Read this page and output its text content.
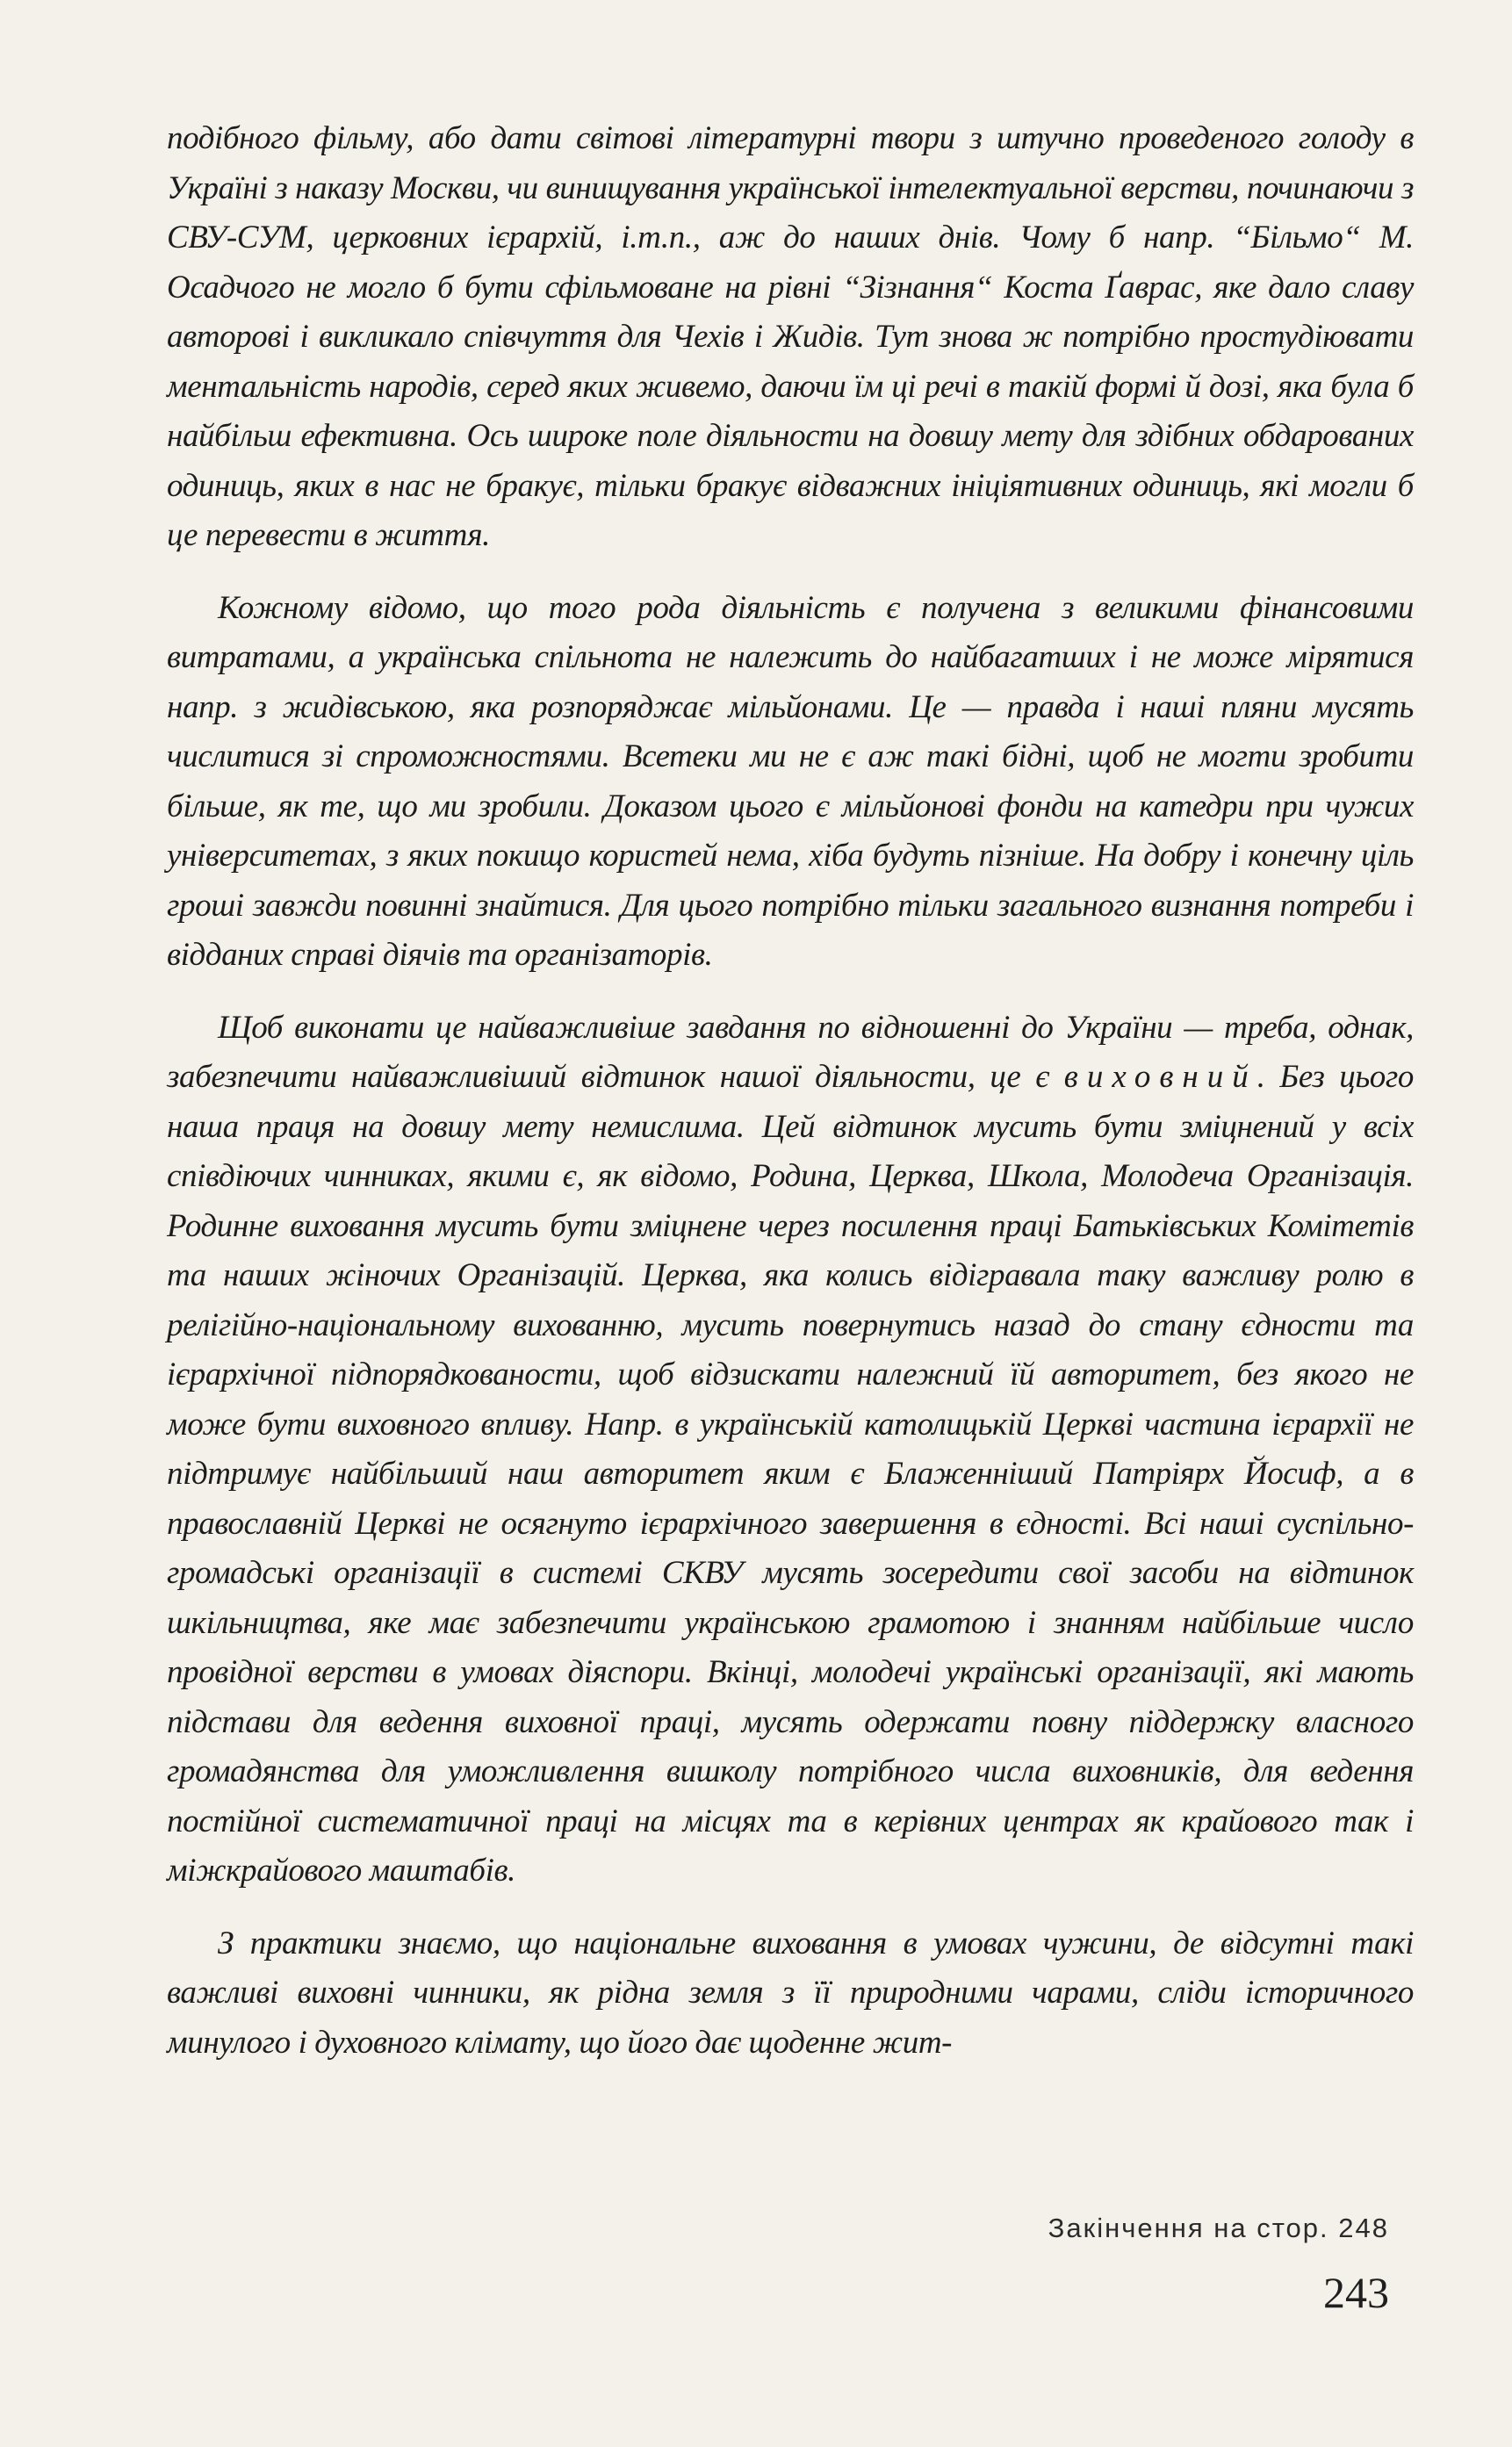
подібного фільму, або дати світові літературні твори з штучно проведеного голоду в Україні з наказу Москви, чи винищування української інтелектуальної верстви, починаючи з СВУ-СУМ, церковних ієрархій, і.т.п., аж до наших днів. Чому б напр. “Більмо“ М. Осадчого не могло б бути сфільмоване на рівні “Зізнання“ Коста Ґаврас, яке дало славу авторові і викликало співчуття для Чехів і Жидів. Тут знова ж потрібно простудіювати ментальність народів, серед яких живемо, даючи їм ці речі в такій формі й дозі, яка була б найбільш ефективна. Ось широке поле діяльности на довшу мету для здібних обдарованих одиниць, яких в нас не бракує, тільки бракує відважних ініціятивних одиниць, які могли б це перевести в життя.

Кожному відомо, що того рода діяльність є получена з великими фінансовими витратами, а українська спільнота не належить до найбагатших і не може мірятися напр. з жидівською, яка розпоряджає мільйонами. Це — правда і наші пляни мусять числитися зі спроможностями. Всетеки ми не є аж такі бідні, щоб не могти зробити більше, як те, що ми зробили. Доказом цього є мільйонові фонди на катедри при чужих університетах, з яких покищо користей нема, хіба будуть пізніше. На добру і конечну ціль гроші завжди повинні знайтися. Для цього потрібно тільки загального визнання потреби і відданих справі діячів та організаторів.

Щоб виконати це найважливіше завдання по відношенні до України — треба, однак, забезпечити найважливіший відтинок нашої діяльности, це є виховний. Без цього наша праця на довшу мету немислима. Цей відтинок мусить бути зміцнений у всіх співдіючих чинниках, якими є, як відомо, Родина, Церква, Школа, Молодеча Організація. Родинне виховання мусить бути зміцнене через посилення праці Батьківських Комітетів та наших жіночих Організацій. Церква, яка колись відігравала таку важливу ролю в релігійно-національному вихованню, мусить повернутись назад до стану єдности та ієрархічної підпорядкованости, щоб відзискати належний їй авторитет, без якого не може бути виховного впливу. Напр. в українській католицькій Церкві частина ієрархії не підтримує найбільший наш авторитет яким є Блаженніший Патріярх Йосиф, а в православній Церкві не осягнуто ієрархічного завершення в єдності. Всі наші суспільно-громадські організації в системі СКВУ мусять зосередити свої засоби на відтинок шкільництва, яке має забезпечити українською грамотою і знанням найбільше число провідної верстви в умовах діяспори. Вкінці, молодечі українські організації, які мають підстави для ведення виховної праці, мусять одержати повну піддержку власного громадянства для уможливлення вишколу потрібного числа виховників, для ведення постійної систематичної праці на місцях та в керівних центрах як крайового так і міжкрайового маштабів.

З практики знаємо, що національне виховання в умовах чужини, де відсутні такі важливі виховні чинники, як рідна земля з її природними чарами, сліди історичного минулого і духовного клімату, що його дає щоденне жит-

Закінчення на стор. 248
243
